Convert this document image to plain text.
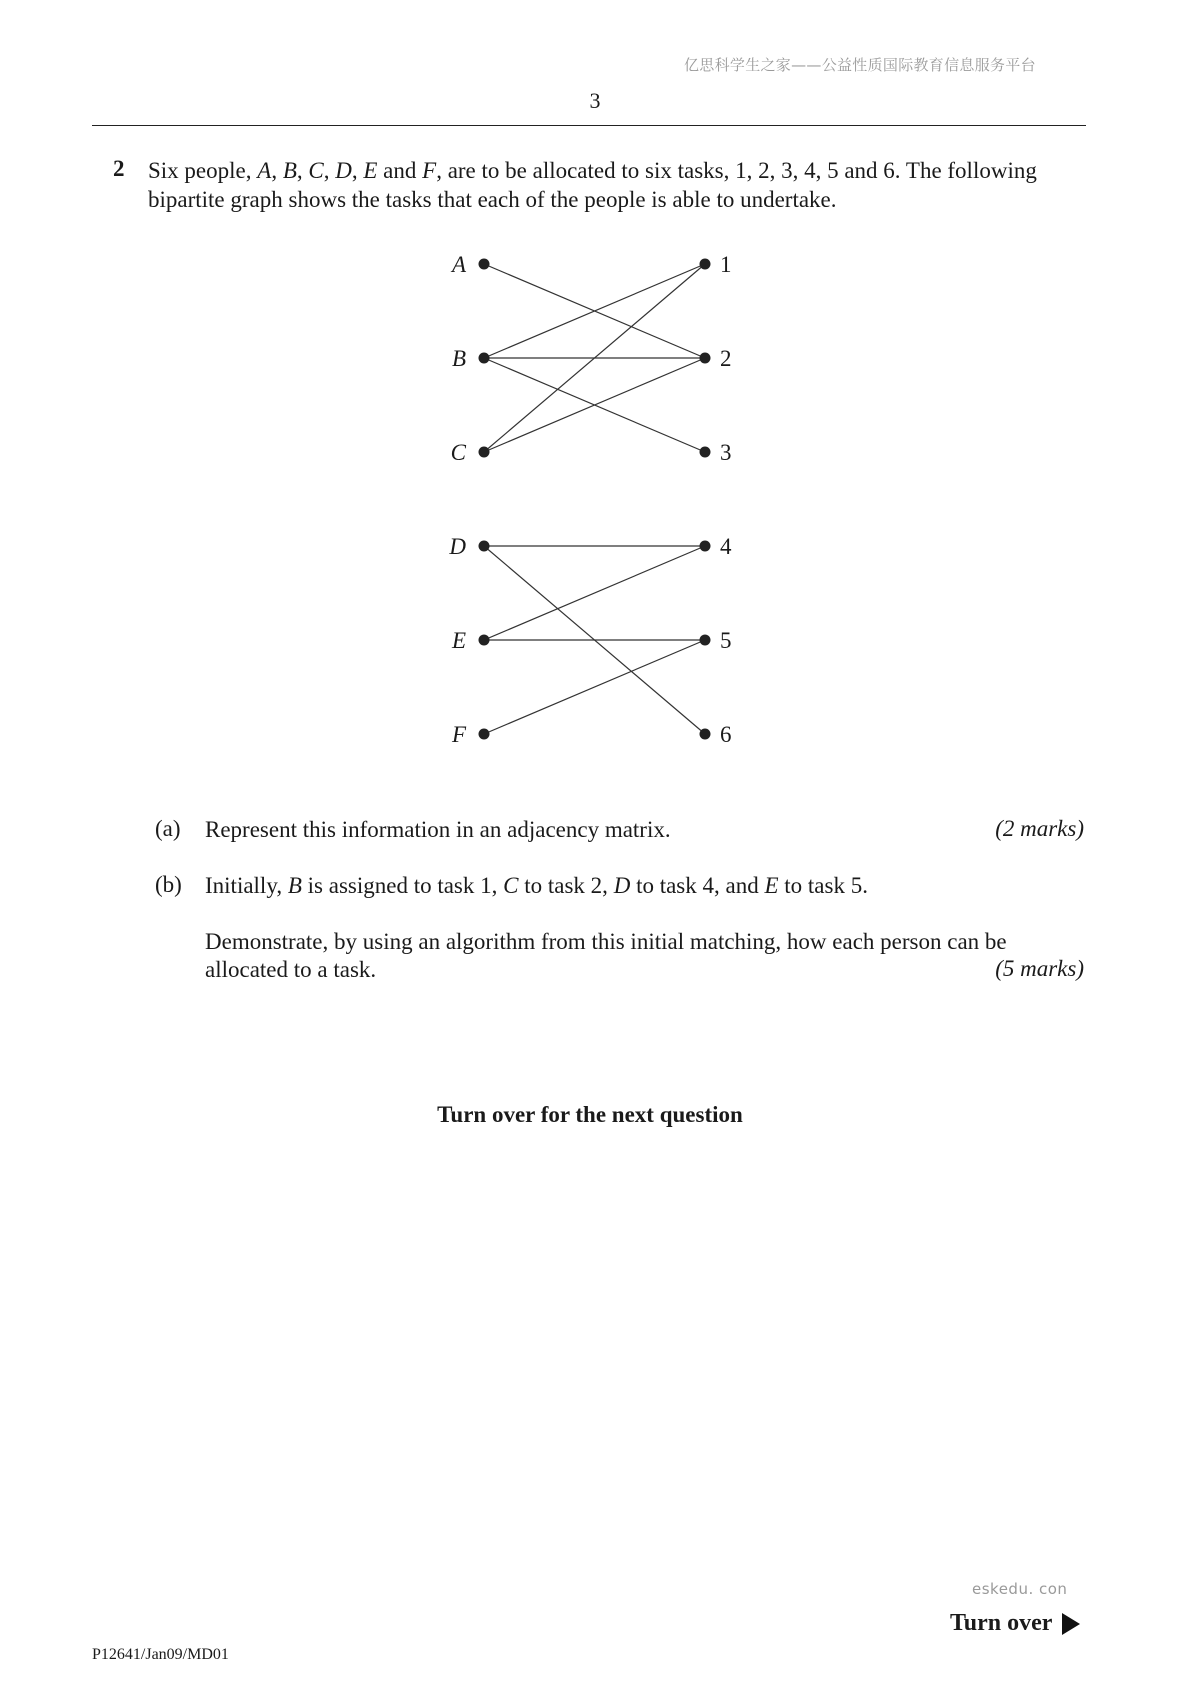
亿思科学生之家——公益性质国际教育信息服务平台
3
2 Six people, A, B, C, D, E and F, are to be allocated to six tasks, 1, 2, 3, 4, 5 and 6. The following bipartite graph shows the tasks that each of the people is able to undertake.

A
B
C
D
E
F
1
2
3
4
5
6
(a) Represent this information in an adjacency matrix.	(2 marks)
(b) Initially, B is assigned to task 1, C to task 2, D to task 4, and E to task 5.
Demonstrate, by using an algorithm from this initial matching, how each person can be allocated to a task.	(5 marks)
Turn over for the next question
eskedu. con
Turn over
P12641/Jan09/MD01
